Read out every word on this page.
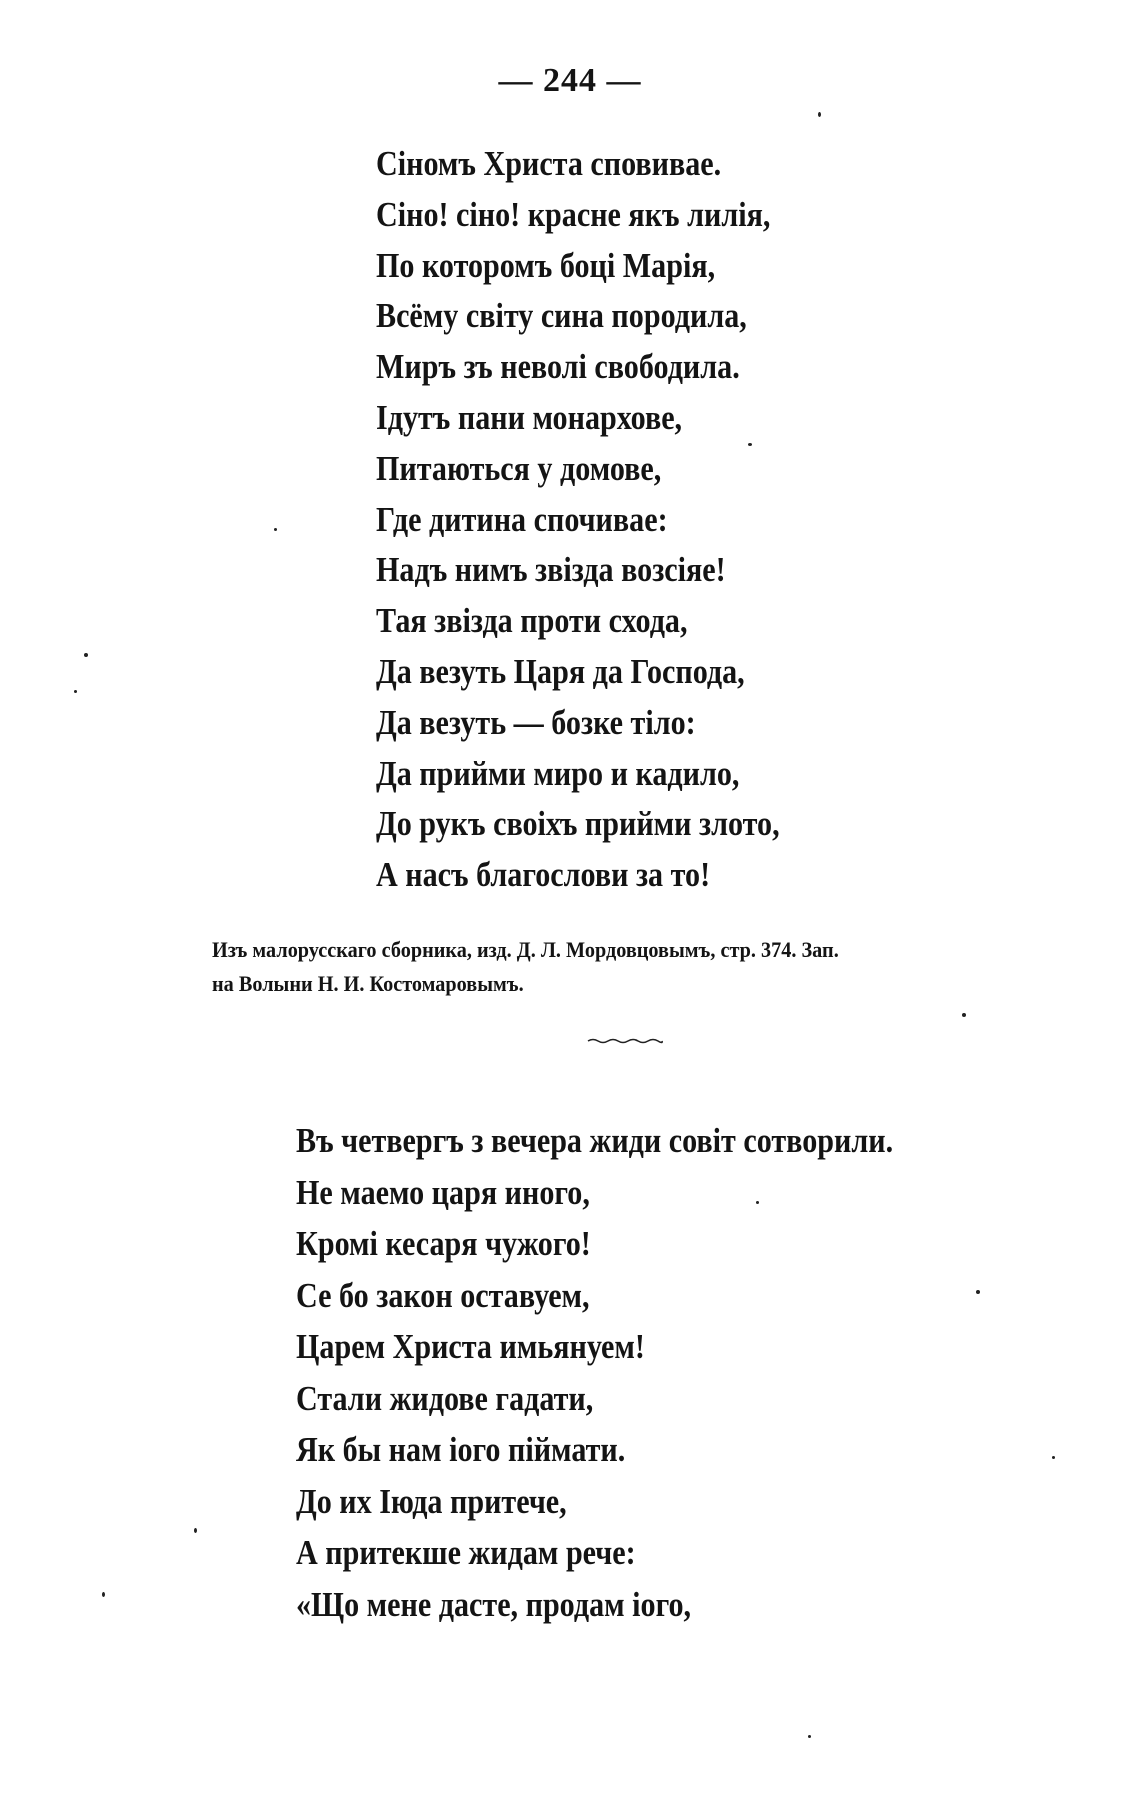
— 244 —
Сіномъ Христа сповивае.
Сіно! сіно! красне якъ лилія,
По которомъ боці Марія,
Всёму світу сина породила,
Миръ зъ неволі свободила.
Ідутъ пани монархове,
Питаються у домове,
Где дитина спочивае:
Надъ нимъ звізда возсіяе!
Тая звізда проти схода,
Да везуть Царя да Господа,
Да везуть — бозке тіло:
Да прийми миро и кадило,
До рукъ своіхъ прийми злото,
А насъ благослови за то!
Изъ малорусскаго сборника, изд. Д. Л. Мордовцовымъ, стр. 374. Зап.
на Волыни Н. И. Костомаровымъ.
Въ четвергъ з вечера жиди совіт сотворили.
Не маемо царя иного,
Кромі кесаря чужого!
Се бо закон оставуем,
Царем Христа имьянуем!
Стали жидове гадати,
Як бы нам іого піймати.
До их Іюда притече,
А притекше жидам рече:
«Що мене дасте, продам іого,
